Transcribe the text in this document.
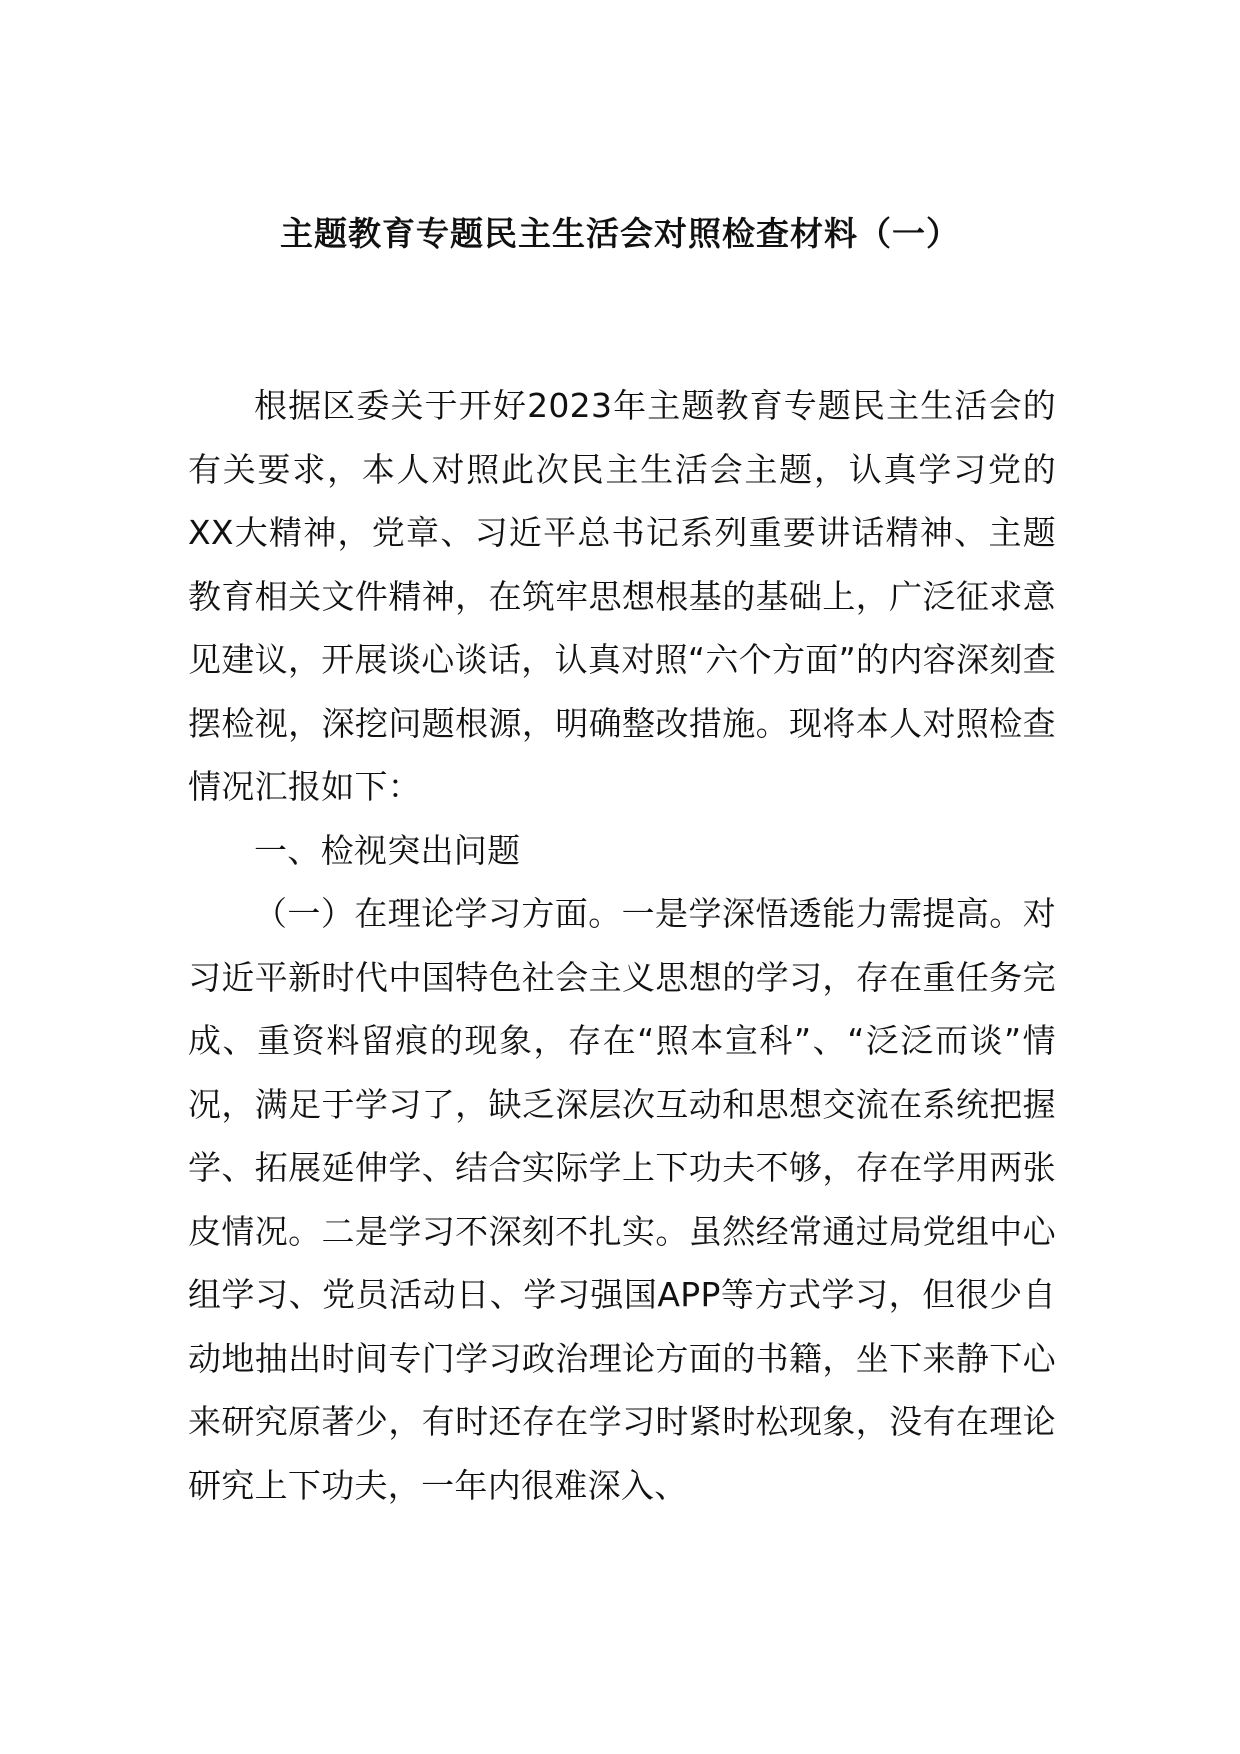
主题教育专题民主生活会对照检查材料（一）

根据区委关于开好2023年主题教育专题民主生活会的有关要求，本人对照此次民主生活会主题，认真学习党的XX大精神，党章、习近平总书记系列重要讲话精神、主题教育相关文件精神，在筑牢思想根基的基础上，广泛征求意见建议，开展谈心谈话，认真对照“六个方面”的内容深刻查摆检视，深挖问题根源，明确整改措施。现将本人对照检查情况汇报如下：

一、检视突出问题

（一）在理论学习方面。一是学深悟透能力需提高。对习近平新时代中国特色社会主义思想的学习，存在重任务完成、重资料留痕的现象，存在“照本宣科”、“泛泛而谈”情况，满足于学习了，缺乏深层次互动和思想交流在系统把握学、拓展延伸学、结合实际学上下功夫不够，存在学用两张皮情况。二是学习不深刻不扎实。虽然经常通过局党组中心组学习、党员活动日、学习强国APP等方式学习，但很少自动地抽出时间专门学习政治理论方面的书籍，坐下来静下心来研究原著少，有时还存在学习时紧时松现象，没有在理论研究上下功夫，一年内很难深入、
